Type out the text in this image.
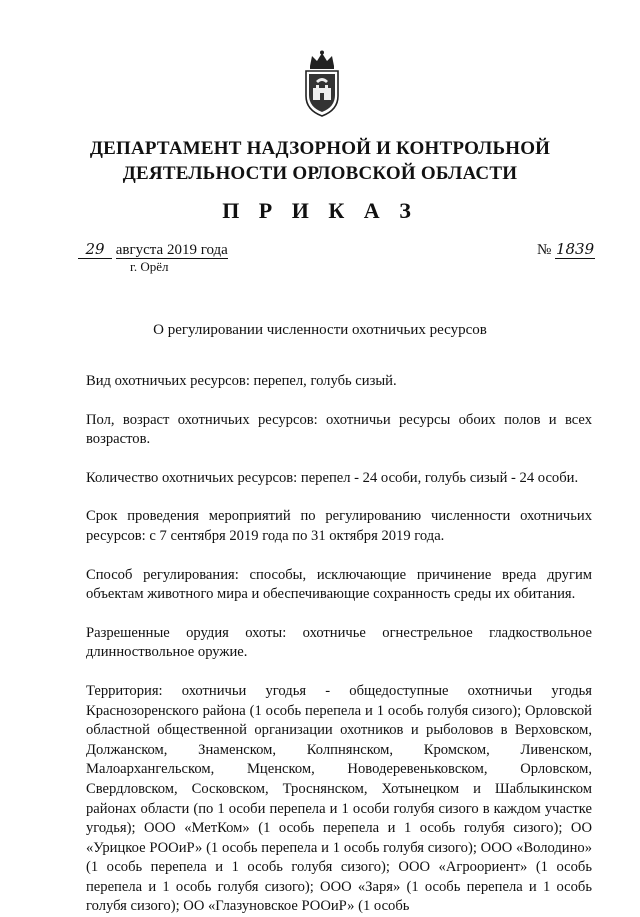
ДЕПАРТАМЕНТ НАДЗОРНОЙ И КОНТРОЛЬНОЙ
ДЕЯТЕЛЬНОСТИ ОРЛОВСКОЙ ОБЛАСТИ
П Р И К А З
29 августа 2019 года
г. Орёл
№ 1839
О регулировании численности охотничьих ресурсов

Вид охотничьих ресурсов: перепел, голубь сизый.

Пол, возраст охотничьих ресурсов: охотничьи ресурсы обоих полов и всех возрастов.

Количество охотничьих ресурсов: перепел - 24 особи, голубь сизый - 24 особи.

Срок проведения мероприятий по регулированию численности охотничьих ресурсов: с 7 сентября 2019 года по 31 октября 2019 года.

Способ регулирования: способы, исключающие причинение вреда другим объектам животного мира и обеспечивающие сохранность среды их обитания.

Разрешенные орудия охоты: охотничье огнестрельное гладкоствольное длинноствольное оружие.

Территория: охотничьи угодья - общедоступные охотничьи угодья Краснозоренского района (1 особь перепела и 1 особь голубя сизого); Орловской областной общественной организации охотников и рыболовов в Верховском, Должанском, Знаменском, Колпнянском, Кромском, Ливенском, Малоархангельском, Мценском, Новодеревеньковском, Орловском, Свердловском, Сосковском, Троснянском, Хотынецком и Шаблыкинском районах области (по 1 особи перепела и 1 особи голубя сизого в каждом участке угодья); ООО «МетКом» (1 особь перепела и 1 особь голубя сизого); ОО «Урицкое РООиР» (1 особь перепела и 1 особь голубя сизого); ООО «Володино» (1 особь перепела и 1 особь голубя сизого); ООО «Агроориент» (1 особь перепела и 1 особь голубя сизого); ООО «Заря» (1 особь перепела и 1 особь голубя сизого); ОО «Глазуновское РООиР» (1 особь
